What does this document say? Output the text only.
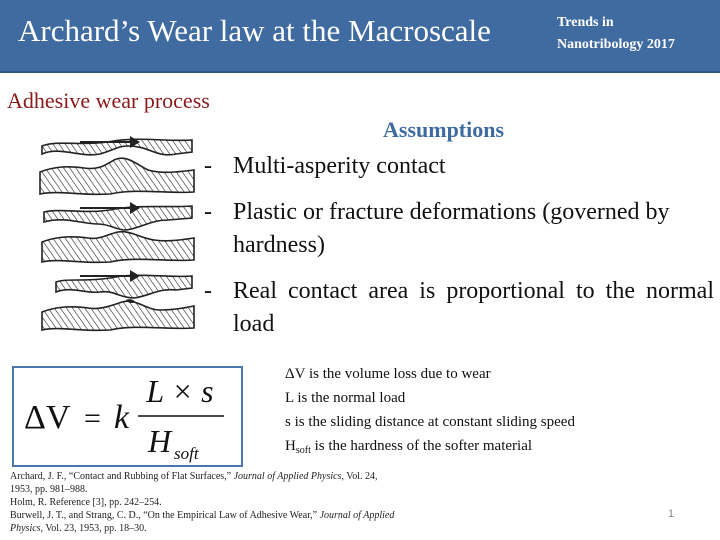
Archard’s Wear law at the Macroscale	Trends in
Nanotribology 2017
Adhesive wear process
Assumptions
- Multi-asperity contact
- Plastic or fracture deformations (governed by hardness)
- Real contact area is proportional to the normal load
ΔV = k
L × s
H soft
ΔV is the volume loss due to wear
L is the normal load
s is the sliding distance at constant sliding speed
$H_{soft}$ is the hardness of the softer material
Archard, J. F., “Contact and Rubbing of Flat Surfaces,” Journal of Applied Physics, Vol. 24,
1953, pp. 981–988.
Holm, R. Reference [3], pp. 242–254.
Burwell, J. T., and Strang, C. D., “On the Empirical Law of Adhesive Wear,” Journal of Applied
Physics, Vol. 23, 1953, pp. 18–30.
1
